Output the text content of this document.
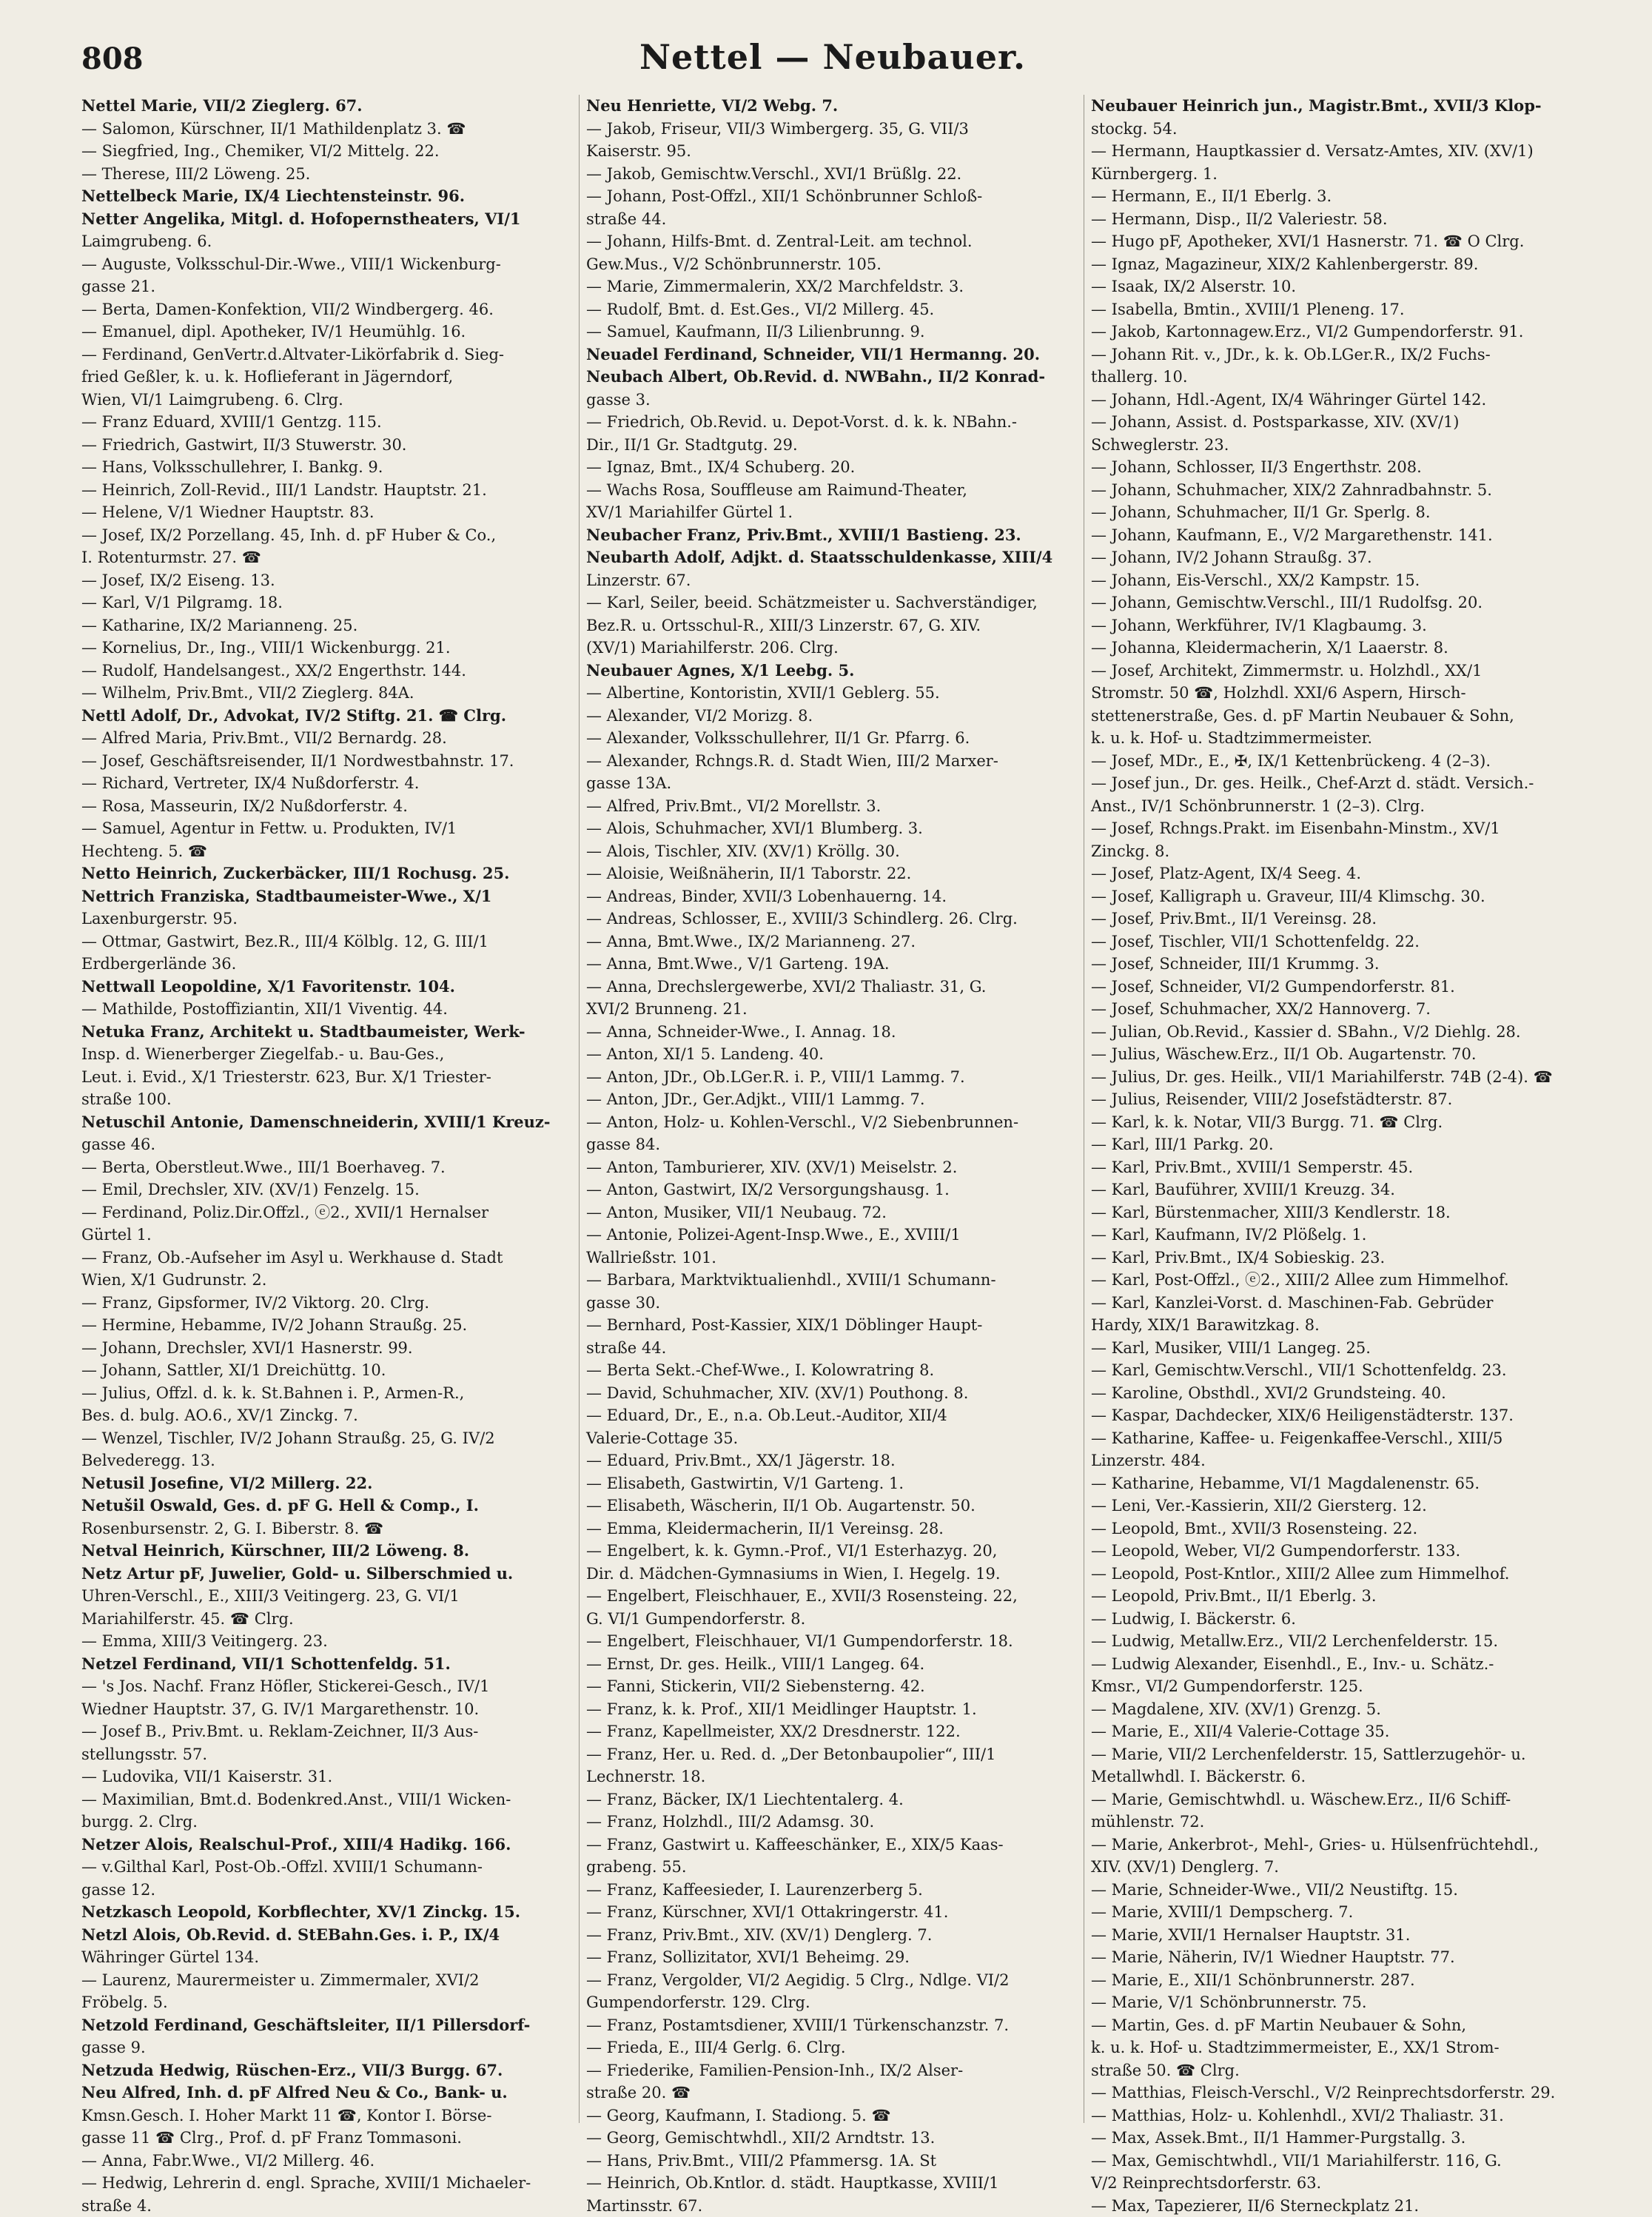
808	Nettel — Neubauer.

Nettel Marie, VII/2 Zieglerg. 67.

— Salomon, Kürschner, II/1 Mathildenplatz 3. ☎

— Siegfried, Ing., Chemiker, VI/2 Mittelg. 22.

— Therese, III/2 Löweng. 25.

Nettelbeck Marie, IX/4 Liechtensteinstr. 96.

Netter Angelika, Mitgl. d. Hofopernstheaters, VI/1

Laimgrubeng. 6.

— Auguste, Volksschul-Dir.-Wwe., VIII/1 Wickenburg-

gasse 21.

— Berta, Damen-Konfektion, VII/2 Windbergerg. 46.

— Emanuel, dipl. Apotheker, IV/1 Heumühlg. 16.

— Ferdinand, GenVertr.d.Altvater-Likörfabrik d. Sieg-

fried Geßler, k. u. k. Hoflieferant in Jägerndorf,

Wien, VI/1 Laimgrubeng. 6. Clrg.

— Franz Eduard, XVIII/1 Gentzg. 115.

— Friedrich, Gastwirt, II/3 Stuwerstr. 30.

— Hans, Volksschullehrer, I. Bankg. 9.

— Heinrich, Zoll-Revid., III/1 Landstr. Hauptstr. 21.

— Helene, V/1 Wiedner Hauptstr. 83.

— Josef, IX/2 Porzellang. 45, Inh. d. pF Huber & Co.,

I. Rotenturmstr. 27. ☎

— Josef, IX/2 Eiseng. 13.

— Karl, V/1 Pilgramg. 18.

— Katharine, IX/2 Marianneng. 25.

— Kornelius, Dr., Ing., VIII/1 Wickenburgg. 21.

— Rudolf, Handelsangest., XX/2 Engerthstr. 144.

— Wilhelm, Priv.Bmt., VII/2 Zieglerg. 84A.

Nettl Adolf, Dr., Advokat, IV/2 Stiftg. 21. ☎ Clrg.

— Alfred Maria, Priv.Bmt., VII/2 Bernardg. 28.

— Josef, Geschäftsreisender, II/1 Nordwestbahnstr. 17.

— Richard, Vertreter, IX/4 Nußdorferstr. 4.

— Rosa, Masseurin, IX/2 Nußdorferstr. 4.

— Samuel, Agentur in Fettw. u. Produkten, IV/1

Hechteng. 5. ☎

Netto Heinrich, Zuckerbäcker, III/1 Rochusg. 25.

Nettrich Franziska, Stadtbaumeister-Wwe., X/1

Laxenburgerstr. 95.

— Ottmar, Gastwirt, Bez.R., III/4 Kölblg. 12, G. III/1

Erdbergerlände 36.

Nettwall Leopoldine, X/1 Favoritenstr. 104.

— Mathilde, Postoffiziantin, XII/1 Viventig. 44.

Netuka Franz, Architekt u. Stadtbaumeister, Werk-

Insp. d. Wienerberger Ziegelfab.- u. Bau-Ges.,

Leut. i. Evid., X/1 Triesterstr. 623, Bur. X/1 Triester-

straße 100.

Netuschil Antonie, Damenschneiderin, XVIII/1 Kreuz-

gasse 46.

— Berta, Oberstleut.Wwe., III/1 Boerhaveg. 7.

— Emil, Drechsler, XIV. (XV/1) Fenzelg. 15.

— Ferdinand, Poliz.Dir.Offzl., ⓔ2., XVII/1 Hernalser

Gürtel 1.

— Franz, Ob.-Aufseher im Asyl u. Werkhause d. Stadt

Wien, X/1 Gudrunstr. 2.

— Franz, Gipsformer, IV/2 Viktorg. 20. Clrg.

— Hermine, Hebamme, IV/2 Johann Straußg. 25.

— Johann, Drechsler, XVI/1 Hasnerstr. 99.

— Johann, Sattler, XI/1 Dreichüttg. 10.

— Julius, Offzl. d. k. k. St.Bahnen i. P., Armen-R.,

Bes. d. bulg. AO.6., XV/1 Zinckg. 7.

— Wenzel, Tischler, IV/2 Johann Straußg. 25, G. IV/2

Belvederegg. 13.

Netusil Josefine, VI/2 Millerg. 22.

Netušil Oswald, Ges. d. pF G. Hell & Comp., I.

Rosenbursenstr. 2, G. I. Biberstr. 8. ☎

Netval Heinrich, Kürschner, III/2 Löweng. 8.

Netz Artur pF, Juwelier, Gold- u. Silberschmied u.

Uhren-Verschl., E., XIII/3 Veitingerg. 23, G. VI/1

Mariahilferstr. 45. ☎ Clrg.

— Emma, XIII/3 Veitingerg. 23.

Netzel Ferdinand, VII/1 Schottenfeldg. 51.

— 's Jos. Nachf. Franz Höfler, Stickerei-Gesch., IV/1

Wiedner Hauptstr. 37, G. IV/1 Margarethenstr. 10.

— Josef B., Priv.Bmt. u. Reklam-Zeichner, II/3 Aus-

stellungsstr. 57.

— Ludovika, VII/1 Kaiserstr. 31.

— Maximilian, Bmt.d. Bodenkred.Anst., VIII/1 Wicken-

burgg. 2. Clrg.

Netzer Alois, Realschul-Prof., XIII/4 Hadikg. 166.

— v.Gilthal Karl, Post-Ob.-Offzl. XVIII/1 Schumann-

gasse 12.

Netzkasch Leopold, Korbflechter, XV/1 Zinckg. 15.

Netzl Alois, Ob.Revid. d. StEBahn.Ges. i. P., IX/4

Währinger Gürtel 134.

— Laurenz, Maurermeister u. Zimmermaler, XVI/2

Fröbelg. 5.

Netzold Ferdinand, Geschäftsleiter, II/1 Pillersdorf-

gasse 9.

Netzuda Hedwig, Rüschen-Erz., VII/3 Burgg. 67.

Neu Alfred, Inh. d. pF Alfred Neu & Co., Bank- u.

Kmsn.Gesch. I. Hoher Markt 11 ☎, Kontor I. Börse-

gasse 11 ☎ Clrg., Prof. d. pF Franz Tommasoni.

— Anna, Fabr.Wwe., VI/2 Millerg. 46.

— Hedwig, Lehrerin d. engl. Sprache, XVIII/1 Michaeler-

straße 4.

Neu Henriette, VI/2 Webg. 7.

— Jakob, Friseur, VII/3 Wimbergerg. 35, G. VII/3

Kaiserstr. 95.

— Jakob, Gemischtw.Verschl., XVI/1 Brüßlg. 22.

— Johann, Post-Offzl., XII/1 Schönbrunner Schloß-

straße 44.

— Johann, Hilfs-Bmt. d. Zentral-Leit. am technol.

Gew.Mus., V/2 Schönbrunnerstr. 105.

— Marie, Zimmermalerin, XX/2 Marchfeldstr. 3.

— Rudolf, Bmt. d. Est.Ges., VI/2 Millerg. 45.

— Samuel, Kaufmann, II/3 Lilienbrunng. 9.

Neuadel Ferdinand, Schneider, VII/1 Hermanng. 20.

Neubach Albert, Ob.Revid. d. NWBahn., II/2 Konrad-

gasse 3.

— Friedrich, Ob.Revid. u. Depot-Vorst. d. k. k. NBahn.-

Dir., II/1 Gr. Stadtgutg. 29.

— Ignaz, Bmt., IX/4 Schuberg. 20.

— Wachs Rosa, Souffleuse am Raimund-Theater,

XV/1 Mariahilfer Gürtel 1.

Neubacher Franz, Priv.Bmt., XVIII/1 Bastieng. 23.

Neubarth Adolf, Adjkt. d. Staatsschuldenkasse, XIII/4

Linzerstr. 67.

— Karl, Seiler, beeid. Schätzmeister u. Sachverständiger,

Bez.R. u. Ortsschul-R., XIII/3 Linzerstr. 67, G. XIV.

(XV/1) Mariahilferstr. 206. Clrg.

Neubauer Agnes, X/1 Leebg. 5.

— Albertine, Kontoristin, XVII/1 Geblerg. 55.

— Alexander, VI/2 Morizg. 8.

— Alexander, Volksschullehrer, II/1 Gr. Pfarrg. 6.

— Alexander, Rchngs.R. d. Stadt Wien, III/2 Marxer-

gasse 13A.

— Alfred, Priv.Bmt., VI/2 Morellstr. 3.

— Alois, Schuhmacher, XVI/1 Blumberg. 3.

— Alois, Tischler, XIV. (XV/1) Kröllg. 30.

— Aloisie, Weißnäherin, II/1 Taborstr. 22.

— Andreas, Binder, XVII/3 Lobenhauerng. 14.

— Andreas, Schlosser, E., XVIII/3 Schindlerg. 26. Clrg.

— Anna, Bmt.Wwe., IX/2 Marianneng. 27.

— Anna, Bmt.Wwe., V/1 Garteng. 19A.

— Anna, Drechslergewerbe, XVI/2 Thaliastr. 31, G.

XVI/2 Brunneng. 21.

— Anna, Schneider-Wwe., I. Annag. 18.

— Anton, XI/1 5. Landeng. 40.

— Anton, JDr., Ob.LGer.R. i. P., VIII/1 Lammg. 7.

— Anton, JDr., Ger.Adjkt., VIII/1 Lammg. 7.

— Anton, Holz- u. Kohlen-Verschl., V/2 Siebenbrunnen-

gasse 84.

— Anton, Tamburierer, XIV. (XV/1) Meiselstr. 2.

— Anton, Gastwirt, IX/2 Versorgungshausg. 1.

— Anton, Musiker, VII/1 Neubaug. 72.

— Antonie, Polizei-Agent-Insp.Wwe., E., XVIII/1

Wallrießstr. 101.

— Barbara, Marktviktualienhdl., XVIII/1 Schumann-

gasse 30.

— Bernhard, Post-Kassier, XIX/1 Döblinger Haupt-

straße 44.

— Berta Sekt.-Chef-Wwe., I. Kolowratring 8.

— David, Schuhmacher, XIV. (XV/1) Pouthong. 8.

— Eduard, Dr., E., n.a. Ob.Leut.-Auditor, XII/4

Valerie-Cottage 35.

— Eduard, Priv.Bmt., XX/1 Jägerstr. 18.

— Elisabeth, Gastwirtin, V/1 Garteng. 1.

— Elisabeth, Wäscherin, II/1 Ob. Augartenstr. 50.

— Emma, Kleidermacherin, II/1 Vereinsg. 28.

— Engelbert, k. k. Gymn.-Prof., VI/1 Esterhazyg. 20,

Dir. d. Mädchen-Gymnasiums in Wien, I. Hegelg. 19.

— Engelbert, Fleischhauer, E., XVII/3 Rosensteing. 22,

G. VI/1 Gumpendorferstr. 8.

— Engelbert, Fleischhauer, VI/1 Gumpendorferstr. 18.

— Ernst, Dr. ges. Heilk., VIII/1 Langeg. 64.

— Fanni, Stickerin, VII/2 Siebensterng. 42.

— Franz, k. k. Prof., XII/1 Meidlinger Hauptstr. 1.

— Franz, Kapellmeister, XX/2 Dresdnerstr. 122.

— Franz, Her. u. Red. d. „Der Betonbaupolier“, III/1

Lechnerstr. 18.

— Franz, Bäcker, IX/1 Liechtentalerg. 4.

— Franz, Holzhdl., III/2 Adamsg. 30.

— Franz, Gastwirt u. Kaffeeschänker, E., XIX/5 Kaas-

grabeng. 55.

— Franz, Kaffeesieder, I. Laurenzerberg 5.

— Franz, Kürschner, XVI/1 Ottakringerstr. 41.

— Franz, Priv.Bmt., XIV. (XV/1) Denglerg. 7.

— Franz, Sollizitator, XVI/1 Beheimg. 29.

— Franz, Vergolder, VI/2 Aegidig. 5 Clrg., Ndlge. VI/2

Gumpendorferstr. 129. Clrg.

— Franz, Postamtsdiener, XVIII/1 Türkenschanzstr. 7.

— Frieda, E., III/4 Gerlg. 6. Clrg.

— Friederike, Familien-Pension-Inh., IX/2 Alser-

straße 20. ☎

— Georg, Kaufmann, I. Stadiong. 5. ☎

— Georg, Gemischtwhdl., XII/2 Arndtstr. 13.

— Hans, Priv.Bmt., VIII/2 Pfammersg. 1A. St

— Heinrich, Ob.Kntlor. d. städt. Hauptkasse, XVIII/1

Martinsstr. 67.

Neubauer Heinrich jun., Magistr.Bmt., XVII/3 Klop-

stockg. 54.

— Hermann, Hauptkassier d. Versatz-Amtes, XIV. (XV/1)

Kürnbergerg. 1.

— Hermann, E., II/1 Eberlg. 3.

— Hermann, Disp., II/2 Valeriestr. 58.

— Hugo pF, Apotheker, XVI/1 Hasnerstr. 71. ☎ O Clrg.

— Ignaz, Magazineur, XIX/2 Kahlenbergerstr. 89.

— Isaak, IX/2 Alserstr. 10.

— Isabella, Bmtin., XVIII/1 Pleneng. 17.

— Jakob, Kartonnagew.Erz., VI/2 Gumpendorferstr. 91.

— Johann Rit. v., JDr., k. k. Ob.LGer.R., IX/2 Fuchs-

thallerg. 10.

— Johann, Hdl.-Agent, IX/4 Währinger Gürtel 142.

— Johann, Assist. d. Postsparkasse, XIV. (XV/1)

Schweglerstr. 23.

— Johann, Schlosser, II/3 Engerthstr. 208.

— Johann, Schuhmacher, XIX/2 Zahnradbahnstr. 5.

— Johann, Schuhmacher, II/1 Gr. Sperlg. 8.

— Johann, Kaufmann, E., V/2 Margarethenstr. 141.

— Johann, IV/2 Johann Straußg. 37.

— Johann, Eis-Verschl., XX/2 Kampstr. 15.

— Johann, Gemischtw.Verschl., III/1 Rudolfsg. 20.

— Johann, Werkführer, IV/1 Klagbaumg. 3.

— Johanna, Kleidermacherin, X/1 Laaerstr. 8.

— Josef, Architekt, Zimmermstr. u. Holzhdl., XX/1

Stromstr. 50 ☎, Holzhdl. XXI/6 Aspern, Hirsch-

stettenerstraße, Ges. d. pF Martin Neubauer & Sohn,

k. u. k. Hof- u. Stadtzimmermeister.

— Josef, MDr., E., ✠, IX/1 Kettenbrückeng. 4 (2–3).

— Josef jun., Dr. ges. Heilk., Chef-Arzt d. städt. Versich.-

Anst., IV/1 Schönbrunnerstr. 1 (2–3). Clrg.

— Josef, Rchngs.Prakt. im Eisenbahn-Minstm., XV/1

Zinckg. 8.

— Josef, Platz-Agent, IX/4 Seeg. 4.

— Josef, Kalligraph u. Graveur, III/4 Klimschg. 30.

— Josef, Priv.Bmt., II/1 Vereinsg. 28.

— Josef, Tischler, VII/1 Schottenfeldg. 22.

— Josef, Schneider, III/1 Krummg. 3.

— Josef, Schneider, VI/2 Gumpendorferstr. 81.

— Josef, Schuhmacher, XX/2 Hannoverg. 7.

— Julian, Ob.Revid., Kassier d. SBahn., V/2 Diehlg. 28.

— Julius, Wäschew.Erz., II/1 Ob. Augartenstr. 70.

— Julius, Dr. ges. Heilk., VII/1 Mariahilferstr. 74B (2-4). ☎

— Julius, Reisender, VIII/2 Josefstädterstr. 87.

— Karl, k. k. Notar, VII/3 Burgg. 71. ☎ Clrg.

— Karl, III/1 Parkg. 20.

— Karl, Priv.Bmt., XVIII/1 Semperstr. 45.

— Karl, Bauführer, XVIII/1 Kreuzg. 34.

— Karl, Bürstenmacher, XIII/3 Kendlerstr. 18.

— Karl, Kaufmann, IV/2 Plößelg. 1.

— Karl, Priv.Bmt., IX/4 Sobieskig. 23.

— Karl, Post-Offzl., ⓔ2., XIII/2 Allee zum Himmelhof.

— Karl, Kanzlei-Vorst. d. Maschinen-Fab. Gebrüder

Hardy, XIX/1 Barawitzkag. 8.

— Karl, Musiker, VIII/1 Langeg. 25.

— Karl, Gemischtw.Verschl., VII/1 Schottenfeldg. 23.

— Karoline, Obsthdl., XVI/2 Grundsteing. 40.

— Kaspar, Dachdecker, XIX/6 Heiligenstädterstr. 137.

— Katharine, Kaffee- u. Feigenkaffee-Verschl., XIII/5

Linzerstr. 484.

— Katharine, Hebamme, VI/1 Magdalenenstr. 65.

— Leni, Ver.-Kassierin, XII/2 Giersterg. 12.

— Leopold, Bmt., XVII/3 Rosensteing. 22.

— Leopold, Weber, VI/2 Gumpendorferstr. 133.

— Leopold, Post-Kntlor., XIII/2 Allee zum Himmelhof.

— Leopold, Priv.Bmt., II/1 Eberlg. 3.

— Ludwig, I. Bäckerstr. 6.

— Ludwig, Metallw.Erz., VII/2 Lerchenfelderstr. 15.

— Ludwig Alexander, Eisenhdl., E., Inv.- u. Schätz.-

Kmsr., VI/2 Gumpendorferstr. 125.

— Magdalene, XIV. (XV/1) Grenzg. 5.

— Marie, E., XII/4 Valerie-Cottage 35.

— Marie, VII/2 Lerchenfelderstr. 15, Sattlerzugehör- u.

Metallwhdl. I. Bäckerstr. 6.

— Marie, Gemischtwhdl. u. Wäschew.Erz., II/6 Schiff-

mühlenstr. 72.

— Marie, Ankerbrot-, Mehl-, Gries- u. Hülsenfrüchtehdl.,

XIV. (XV/1) Denglerg. 7.

— Marie, Schneider-Wwe., VII/2 Neustiftg. 15.

— Marie, XVIII/1 Dempscherg. 7.

— Marie, XVII/1 Hernalser Hauptstr. 31.

— Marie, Näherin, IV/1 Wiedner Hauptstr. 77.

— Marie, E., XII/1 Schönbrunnerstr. 287.

— Marie, V/1 Schönbrunnerstr. 75.

— Martin, Ges. d. pF Martin Neubauer & Sohn,

k. u. k. Hof- u. Stadtzimmermeister, E., XX/1 Strom-

straße 50. ☎ Clrg.

— Matthias, Fleisch-Verschl., V/2 Reinprechtsdorferstr. 29.

— Matthias, Holz- u. Kohlenhdl., XVI/2 Thaliastr. 31.

— Max, Assek.Bmt., II/1 Hammer-Purgstallg. 3.

— Max, Gemischtwhdl., VII/1 Mariahilferstr. 116, G.

V/2 Reinprechtsdorferstr. 63.

— Max, Tapezierer, II/6 Sterneckplatz 21.
